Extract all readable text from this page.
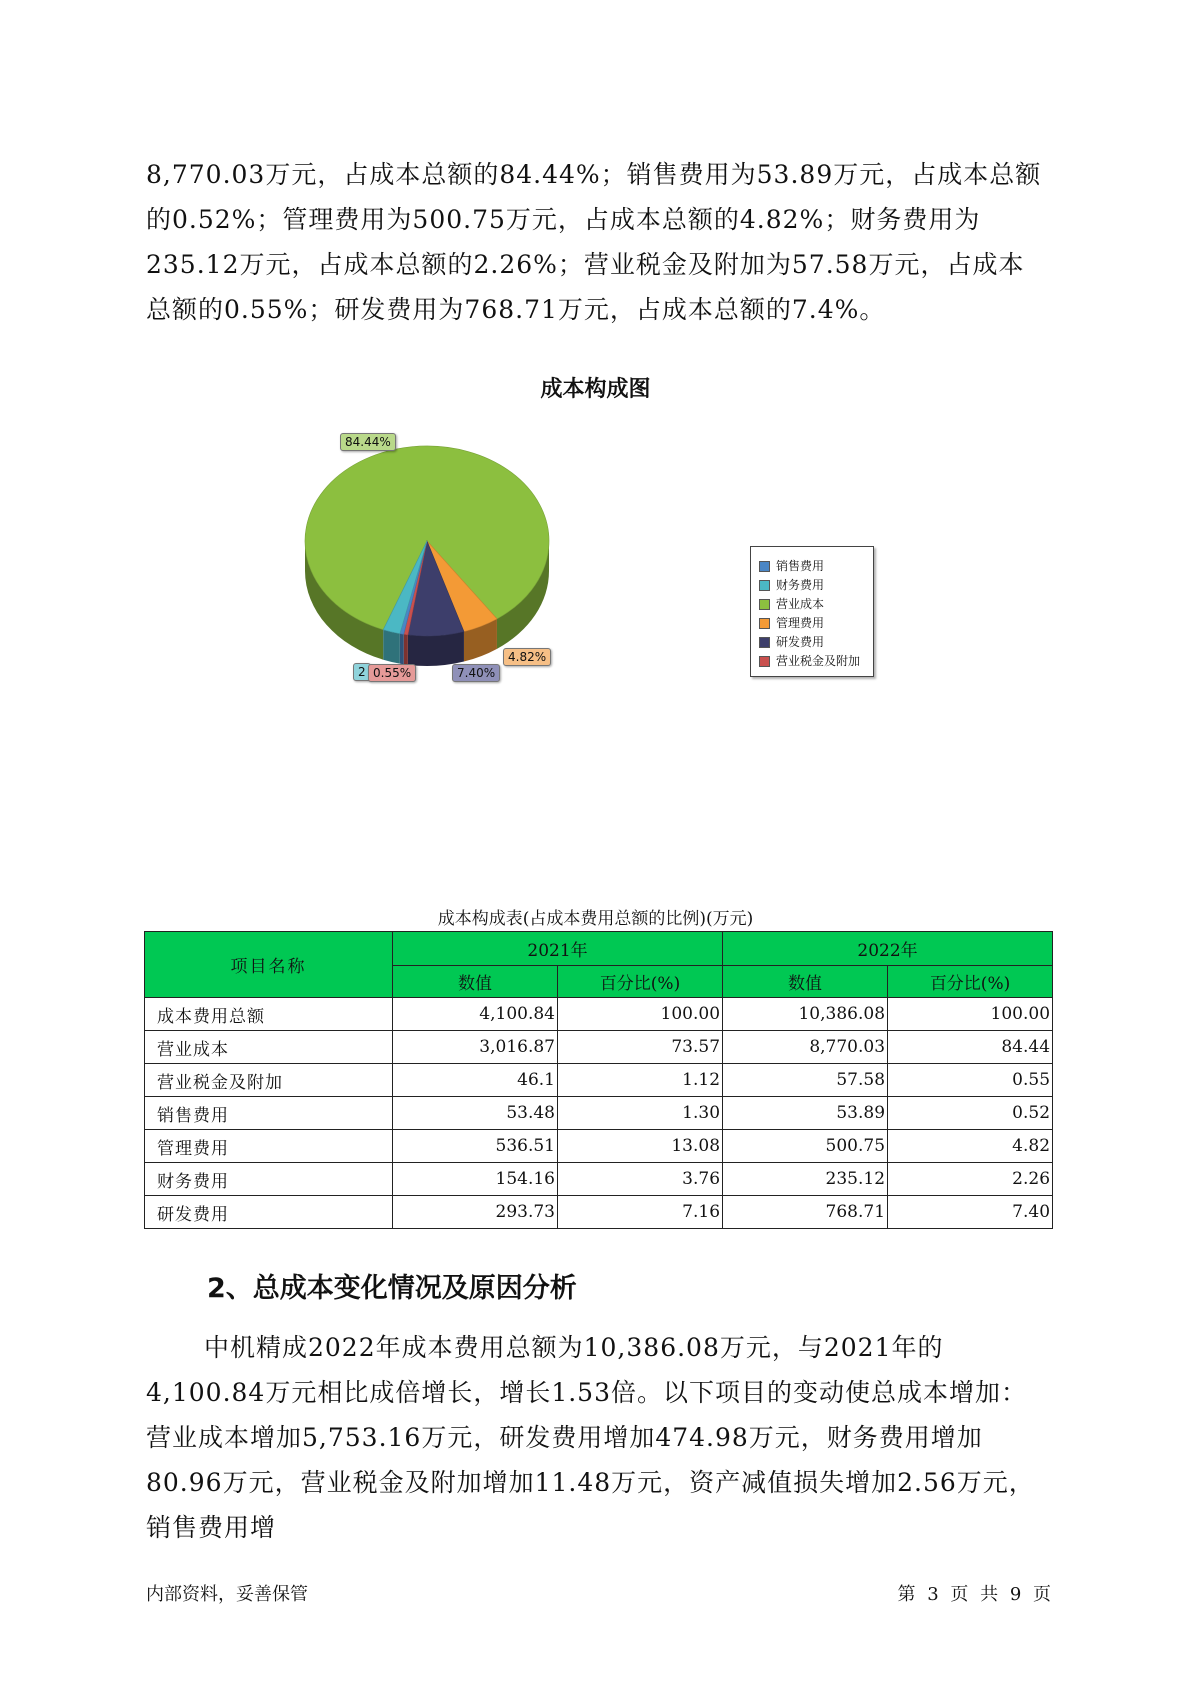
8,770.03万元，占成本总额的84.44%；销售费用为53.89万元，占成本总额的0.52%；管理费用为500.75万元，占成本总额的4.82%；财务费用为235.12万元，占成本总额的2.26%；营业税金及附加为57.58万元，占成本总额的0.55%；研发费用为768.71万元，占成本总额的7.4%。

成本构成图
2 0.55%	7.40%
4.82%
84.44%
销售费用
财务费用
营业成本
管理费用
研发费用
营业税金及附加
成本构成表(占成本费用总额的比例)(万元)
项目名称	2021年		2022年	
	数值	百分比(%)	数值	百分比(%)
成本费用总额	4,100.84	100.00	10,386.08	100.00
营业成本	3,016.87	73.57	8,770.03	84.44
营业税金及附加	46.1	1.12	57.58	0.55
销售费用	53.48	1.30	53.89	0.52
管理费用	536.51	13.08	500.75	4.82
财务费用	154.16	3.76	235.12	2.26
研发费用	293.73	7.16	768.71	7.40
2、总成本变化情况及原因分析

中机精成2022年成本费用总额为10,386.08万元，与2021年的4,100.84万元相比成倍增长，增长1.53倍。以下项目的变动使总成本增加：营业成本增加5,753.16万元，研发费用增加474.98万元，财务费用增加80.96万元，营业税金及附加增加11.48万元，资产减值损失增加2.56万元，销售费用增

内部资料，妥善保管	第 3 页 共 9 页
